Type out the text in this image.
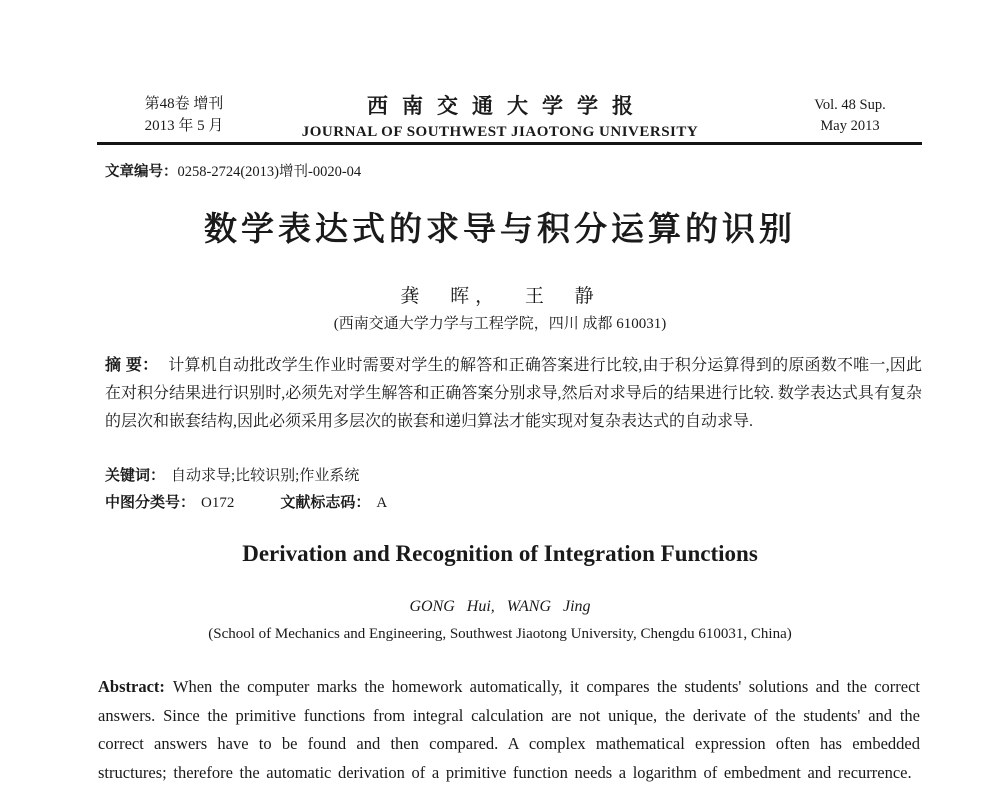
第48卷 增刊
2013 年 5 月
西南交通大学学报
JOURNAL OF SOUTHWEST JIAOTONG UNIVERSITY
Vol. 48 Sup.
May 2013
文章编号：0258-2724(2013)增刊-0020-04
数学表达式的求导与积分运算的识别
龚 晖， 王 静
(西南交通大学力学与工程学院，四川 成都 610031)

摘 要： 计算机自动批改学生作业时需要对学生的解答和正确答案进行比较,由于积分运算得到的原函数不唯一,因此在对积分结果进行识别时,必须先对学生解答和正确答案分别求导,然后对求导后的结果进行比较. 数学表达式具有复杂的层次和嵌套结构,因此必须采用多层次的嵌套和递归算法才能实现对复杂表达式的自动求导.

关键词： 自动求导;比较识别;作业系统

中图分类号： O172	文献标志码： A

Derivation and Recognition of Integration Functions
GONG Hui, WANG Jing
(School of Mechanics and Engineering, Southwest Jiaotong University, Chengdu 610031, China)

Abstract: When the computer marks the homework automatically, it compares the students' solutions and the correct answers. Since the primitive functions from integral calculation are not unique, the derivate of the students' and the correct answers have to be found and then compared. A complex mathematical expression often has embedded structures; therefore the automatic derivation of a primitive function needs a logarithm of embedment and recurrence.
